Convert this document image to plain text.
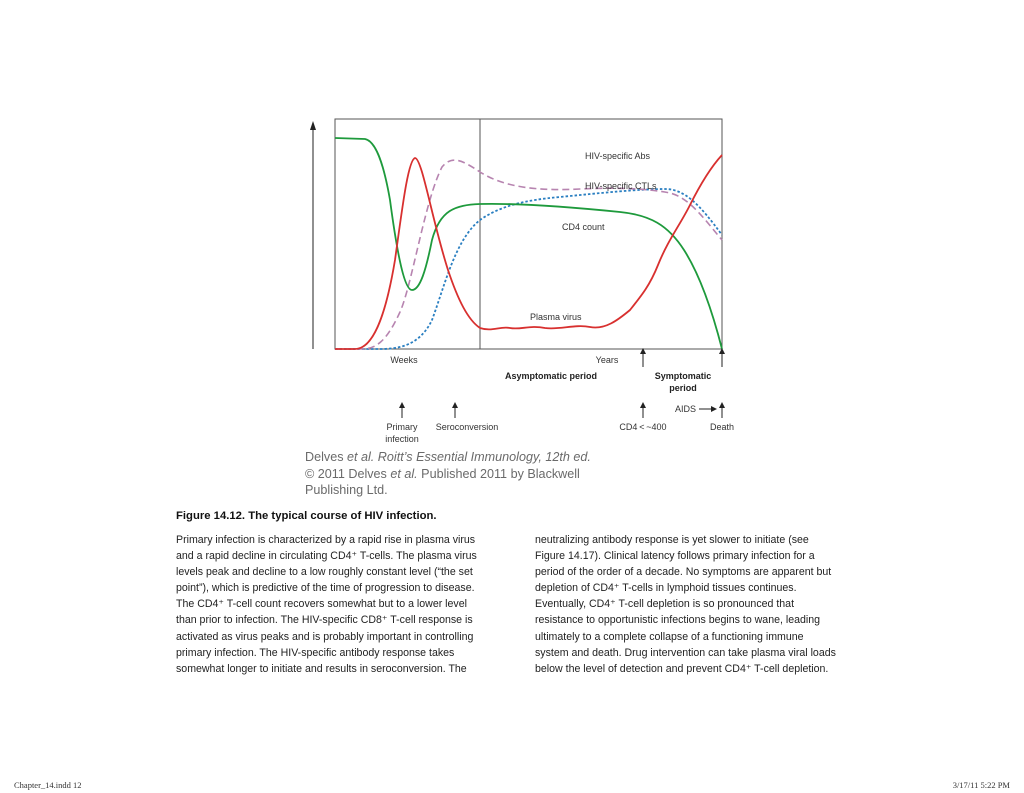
HIV-specific Abs
HIV-specific CTLs
CD4 count
Plasma virus
Weeks	Years
Asymptomatic period	Symptomatic
period
Primary
infection
Seroconversion	CD4 < ~400
AIDS
Death
Delves et al. Roitt’s Essential Immunology, 12th ed.
© 2011 Delves et al. Published 2011 by Blackwell
Publishing Ltd.
Figure 14.12. The typical course of HIV infection.
Primary infection is characterized by a rapid rise in plasma virus
and a rapid decline in circulating CD4⁺ T-cells. The plasma virus
levels peak and decline to a low roughly constant level (“the set
point”), which is predictive of the time of progression to disease.
The CD4⁺ T-cell count recovers somewhat but to a lower level
than prior to infection. The HIV-specific CD8⁺ T-cell response is
activated as virus peaks and is probably important in controlling
primary infection. The HIV-specific antibody response takes
somewhat longer to initiate and results in seroconversion. The
neutralizing antibody response is yet slower to initiate (see
Figure 14.17). Clinical latency follows primary infection for a
period of the order of a decade. No symptoms are apparent but
depletion of CD4⁺ T-cells in lymphoid tissues continues.
Eventually, CD4⁺ T-cell depletion is so pronounced that
resistance to opportunistic infections begins to wane, leading
ultimately to a complete collapse of a functioning immune
system and death. Drug intervention can take plasma viral loads
below the level of detection and prevent CD4⁺ T-cell depletion.
Chapter_14.indd 12	3/17/11 5:22 PM
